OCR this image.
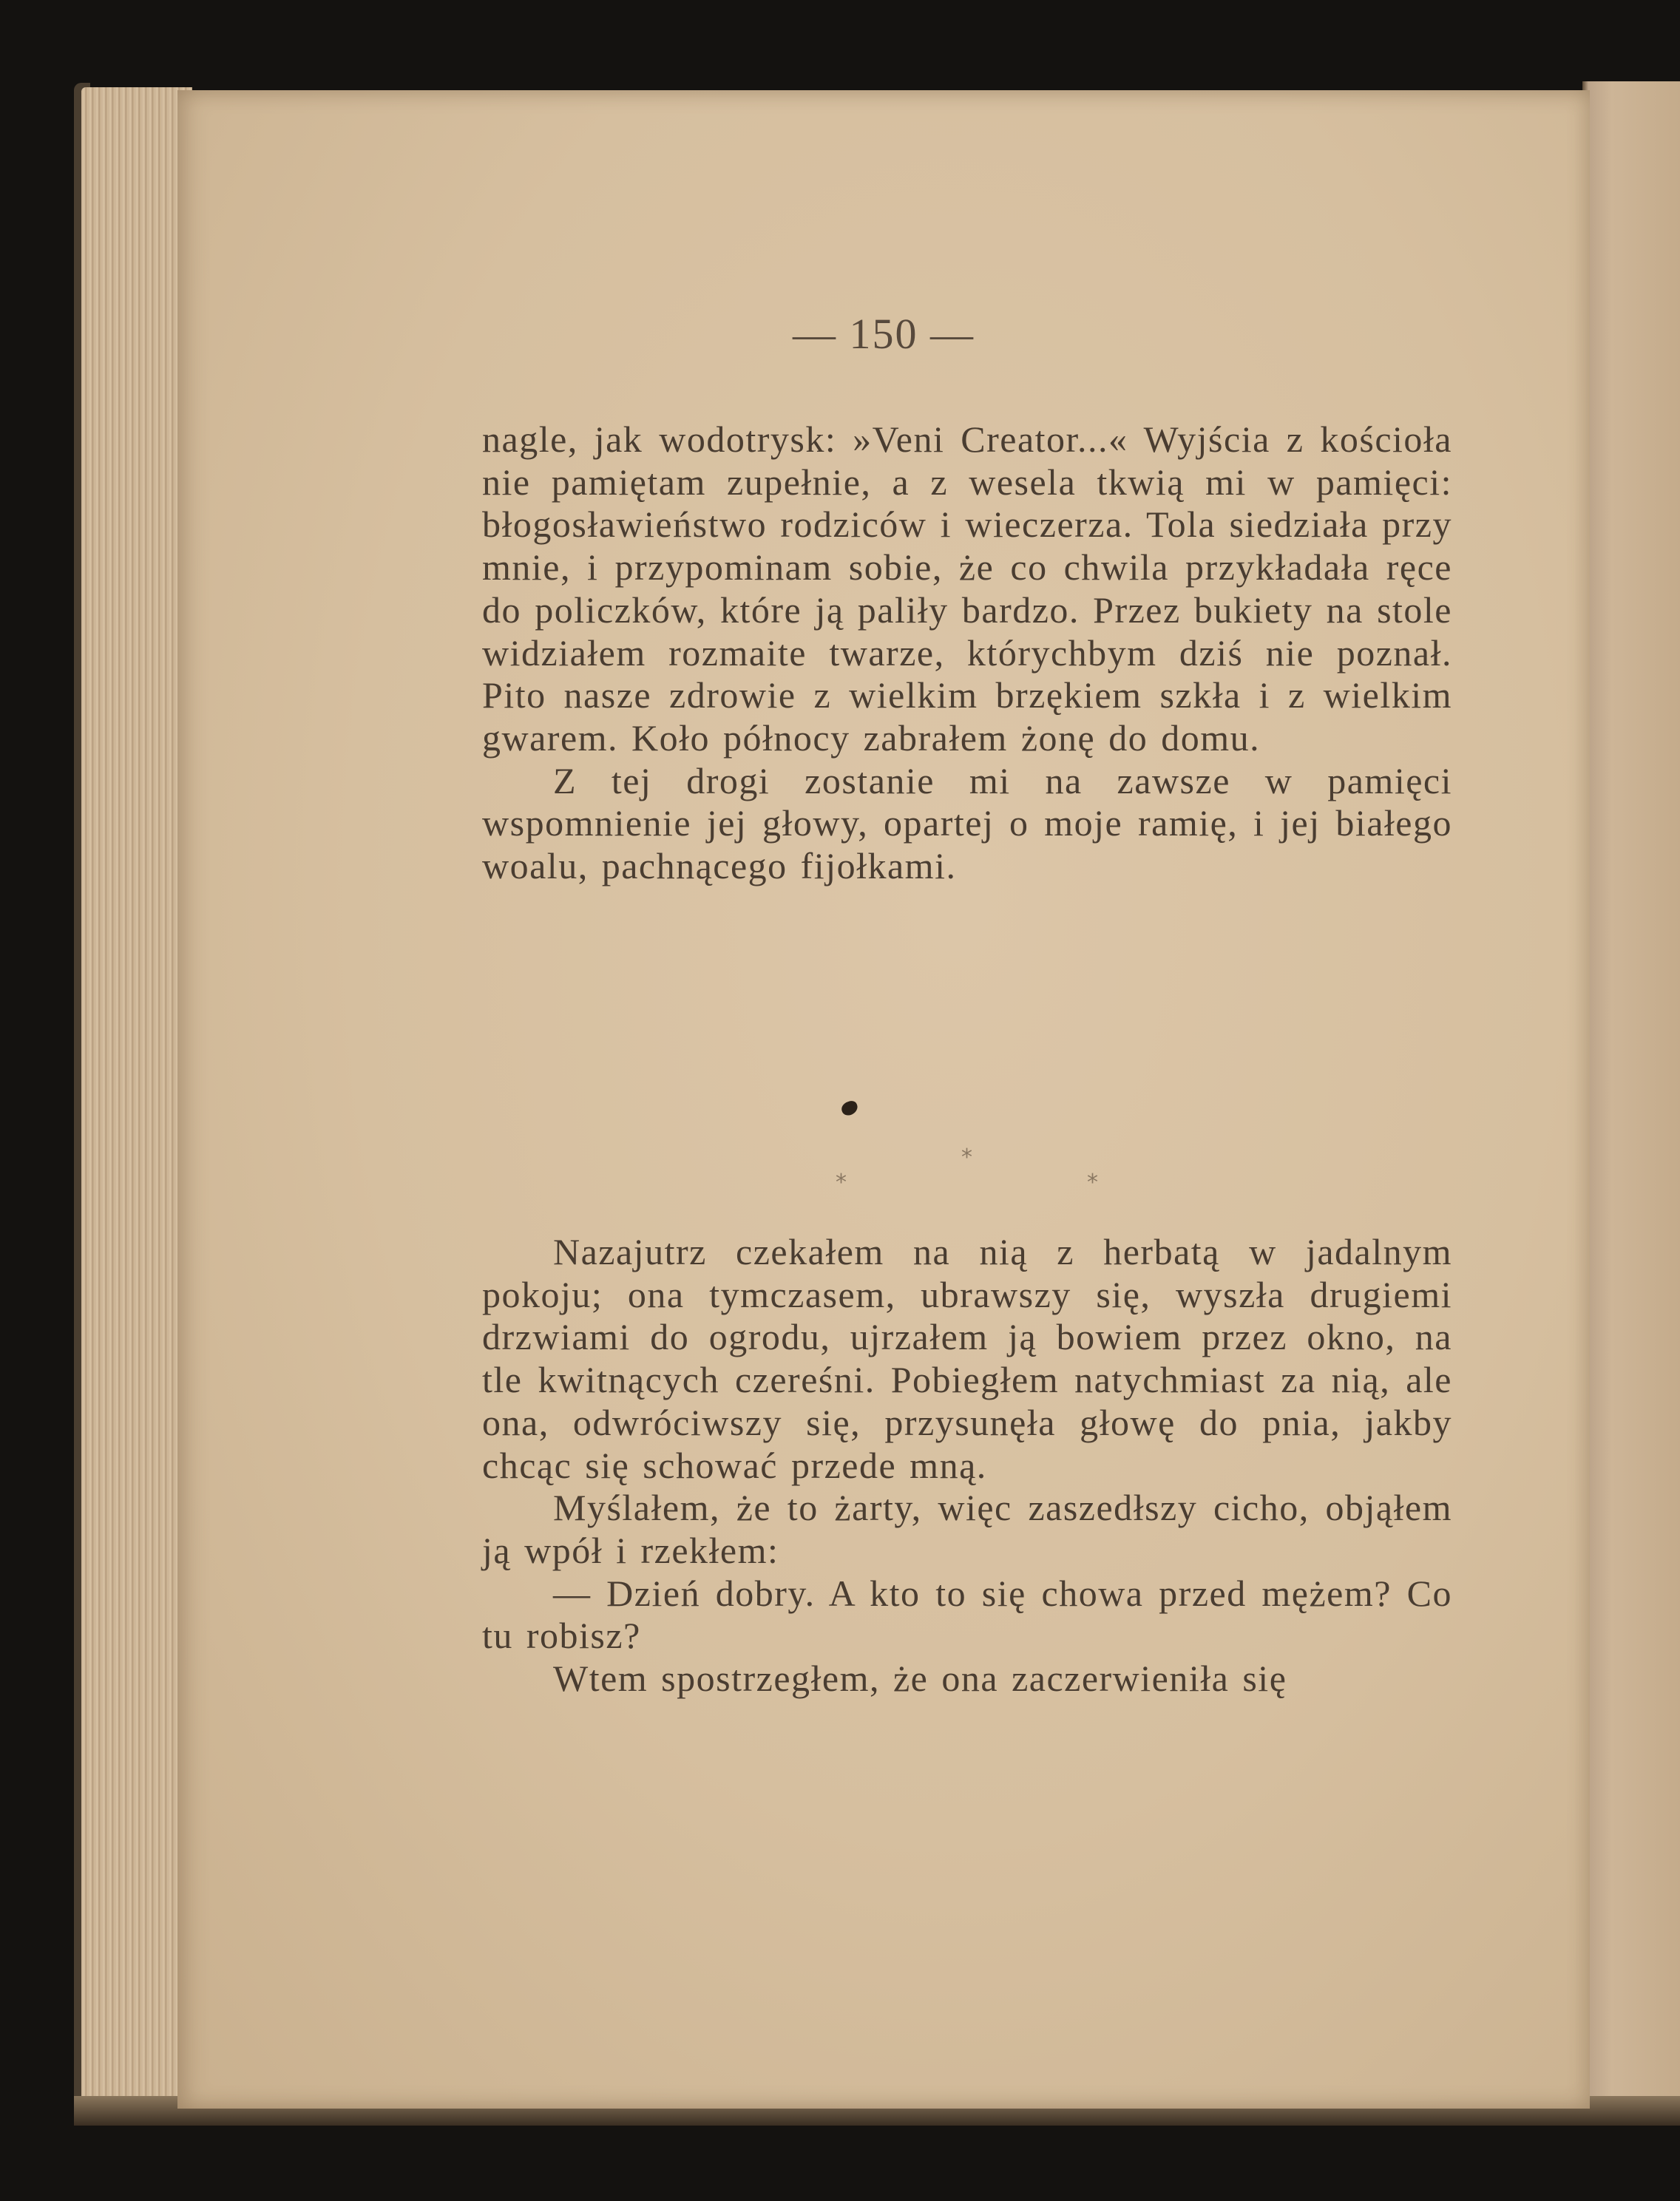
— 150 —

nagle, jak wodotrysk: »Veni Creator...« Wyjścia z kościoła nie pamiętam zupełnie, a z wesela tkwią mi w pamięci: błogosławieństwo rodziców i wieczerza. Tola siedziała przy mnie, i przypominam sobie, że co chwila przykładała ręce do policzków, które ją paliły bardzo. Przez bukiety na stole widziałem rozmaite twarze, którychbym dziś nie poznał. Pito nasze zdrowie z wielkim brzękiem szkła i z wielkim gwarem. Koło północy zabrałem żonę do domu.

Z tej drogi zostanie mi na zawsze w pamięci wspomnienie jej głowy, opartej o moje ramię, i jej białego woalu, pachnącego fijołkami.

*
*
*

Nazajutrz czekałem na nią z herbatą w jadalnym pokoju; ona tymczasem, ubrawszy się, wyszła drugiemi drzwiami do ogrodu, ujrzałem ją bowiem przez okno, na tle kwitnących czereśni. Pobiegłem natychmiast za nią, ale ona, odwróciwszy się, przysunęła głowę do pnia, jakby chcąc się schować przede mną.

Myślałem, że to żarty, więc zaszedłszy cicho, objąłem ją wpół i rzekłem:

— Dzień dobry. A kto to się chowa przed mężem? Co tu robisz?

Wtem spostrzegłem, że ona zaczerwieniła się
